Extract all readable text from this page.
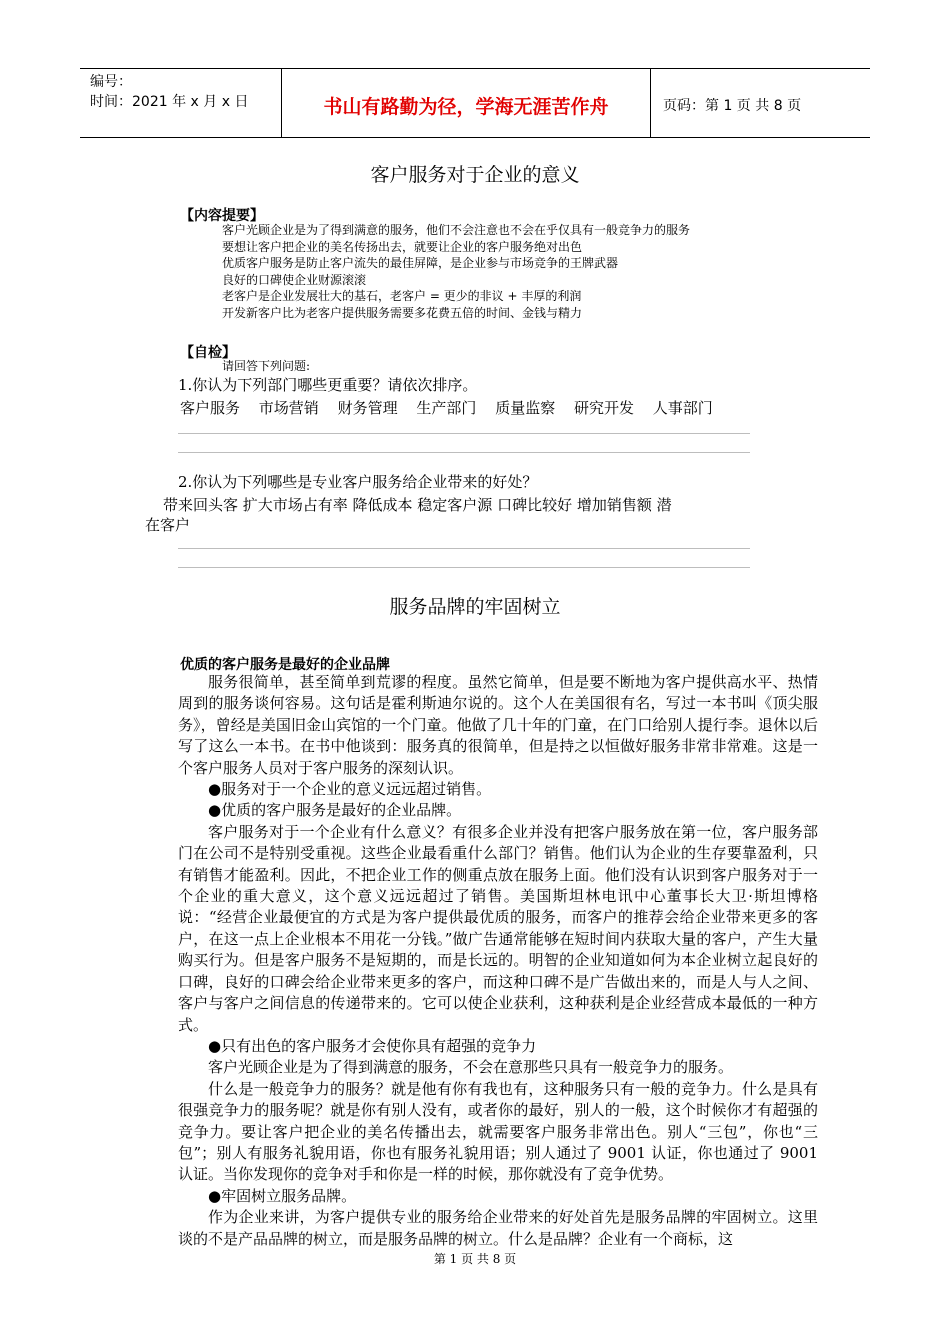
编号：
时间：2021 年 x 月 x 日	书山有路勤为径，学海无涯苦作舟	页码：第 1 页 共 8 页
客户服务对于企业的意义
【内容提要】
客户光顾企业是为了得到满意的服务，他们不会注意也不会在乎仅具有一般竞争力的服务
要想让客户把企业的美名传扬出去，就要让企业的客户服务绝对出色
优质客户服务是防止客户流失的最佳屏障，是企业参与市场竞争的王牌武器
良好的口碑使企业财源滚滚
老客户是企业发展壮大的基石，老客户 = 更少的非议 + 丰厚的利润
开发新客户比为老客户提供服务需要多花费五倍的时间、金钱与精力
【自检】
请回答下列问题:
1.你认为下列部门哪些更重要？请依次排序。
客户服务 市场营销 财务管理 生产部门 质量监察 研究开发 人事部门
2.你认为下列哪些是专业客户服务给企业带来的好处？
带来回头客 扩大市场占有率 降低成本 稳定客户源 口碑比较好 增加销售额 潜
在客户
服务品牌的牢固树立
优质的客户服务是最好的企业品牌

服务很简单，甚至简单到荒谬的程度。虽然它简单，但是要不断地为客户提供高水平、热情周到的服务谈何容易。这句话是霍利斯迪尔说的。这个人在美国很有名，写过一本书叫《顶尖服务》，曾经是美国旧金山宾馆的一个门童。他做了几十年的门童，在门口给别人提行李。退休以后写了这么一本书。在书中他谈到：服务真的很简单，但是持之以恒做好服务非常非常难。这是一个客户服务人员对于客户服务的深刻认识。

●服务对于一个企业的意义远远超过销售。

●优质的客户服务是最好的企业品牌。

客户服务对于一个企业有什么意义？有很多企业并没有把客户服务放在第一位，客户服务部门在公司不是特别受重视。这些企业最看重什么部门？销售。他们认为企业的生存要靠盈利，只有销售才能盈利。因此，不把企业工作的侧重点放在服务上面。他们没有认识到客户服务对于一个企业的重大意义，这个意义远远超过了销售。美国斯坦林电讯中心董事长大卫·斯坦博格说：“经营企业最便宜的方式是为客户提供最优质的服务，而客户的推荐会给企业带来更多的客户，在这一点上企业根本不用花一分钱。”做广告通常能够在短时间内获取大量的客户，产生大量购买行为。但是客户服务不是短期的，而是长远的。明智的企业知道如何为本企业树立起良好的口碑，良好的口碑会给企业带来更多的客户，而这种口碑不是广告做出来的，而是人与人之间、客户与客户之间信息的传递带来的。它可以使企业获利，这种获利是企业经营成本最低的一种方式。

●只有出色的客户服务才会使你具有超强的竞争力

客户光顾企业是为了得到满意的服务，不会在意那些只具有一般竞争力的服务。

什么是一般竞争力的服务？就是他有你有我也有，这种服务只有一般的竞争力。什么是具有很强竞争力的服务呢？就是你有别人没有，或者你的最好，别人的一般，这个时候你才有超强的竞争力。要让客户把企业的美名传播出去，就需要客户服务非常出色。别人“三包”，你也“三包”；别人有服务礼貌用语，你也有服务礼貌用语；别人通过了 9001 认证，你也通过了 9001 认证。当你发现你的竞争对手和你是一样的时候，那你就没有了竞争优势。

●牢固树立服务品牌。

作为企业来讲，为客户提供专业的服务给企业带来的好处首先是服务品牌的牢固树立。这里谈的不是产品品牌的树立，而是服务品牌的树立。什么是品牌？企业有一个商标，这

第 1 页 共 8 页
